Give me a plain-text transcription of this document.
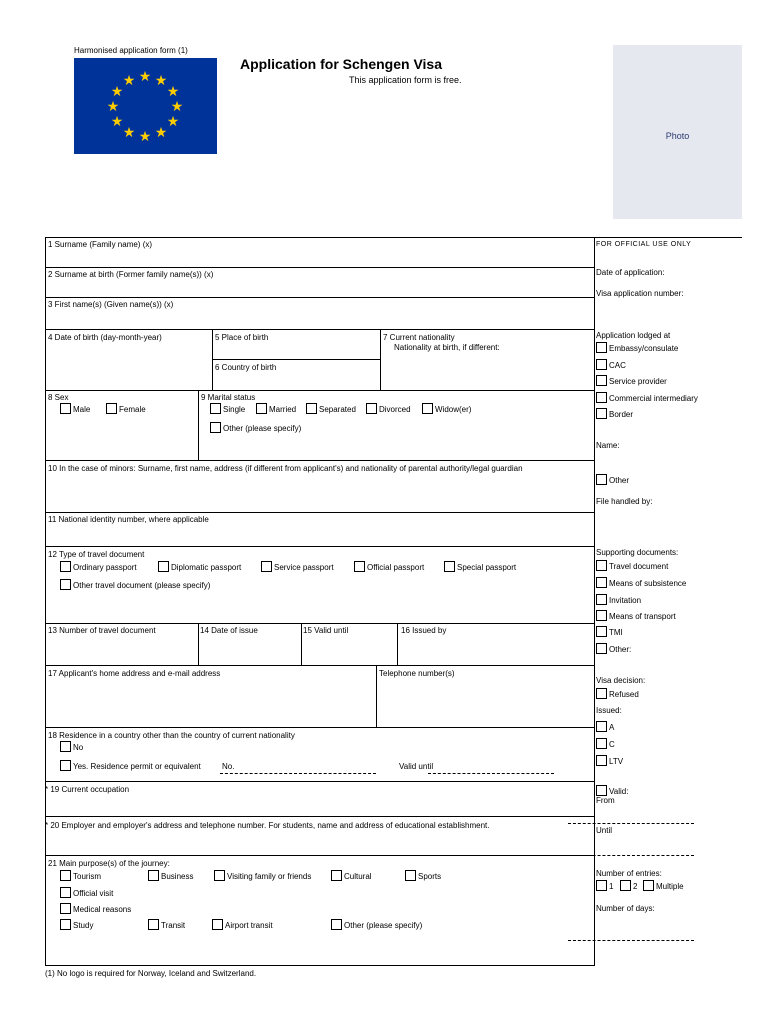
Harmonised application form (1)
★ ★
★
★
★
★
★
★
★
★
★
★
Application for Schengen Visa
This application form is free.
Photo
1 Surname (Family name) (x)
2 Surname at birth (Former family name(s)) (x)
3 First name(s) (Given name(s)) (x)
4 Date of birth (day-month-year)	5 Place of birth
6 Country of birth
7 Current nationality
Nationality at birth, if different:
8 Sex
Male	Female
9 Marital status
Single	Married	Separated	Divorced	Widow(er)
Other (please specify)
10 In the case of minors: Surname, first name, address (if different from applicant's) and nationality of parental authority/legal guardian
11 National identity number, where applicable
12 Type of travel document
Ordinary passport	Diplomatic passport	Service passport	Official passport	Special passport
Other travel document (please specify)
13 Number of travel document	14 Date of issue	15 Valid until	16 Issued by
17 Applicant's home address and e-mail address	Telephone number(s)
18 Residence in a country other than the country of current nationality
No
Yes. Residence permit or equivalent	No.	Valid until
* 19 Current occupation
* 20 Employer and employer's address and telephone number. For students, name and address of educational establishment.
21 Main purpose(s) of the journey:
Tourism	Business	Visiting family or friends	Cultural	Sports
Official visit
Medical reasons
Study	Transit	Airport transit	Other (please specify)
(1) No logo is required for Norway, Iceland and Switzerland.
FOR OFFICIAL USE ONLY
Date of application:
Visa application number:
Application lodged at
Embassy/consulate
CAC
Service provider
Commercial intermediary
Border
Name:
Other
File handled by:
Supporting documents:
Travel document
Means of subsistence
Invitation
Means of transport
TMI
Other:
Visa decision:
Refused
Issued:
A
C
LTV
Valid:
From
Until
Number of entries:
1	2	Multiple
Number of days:
